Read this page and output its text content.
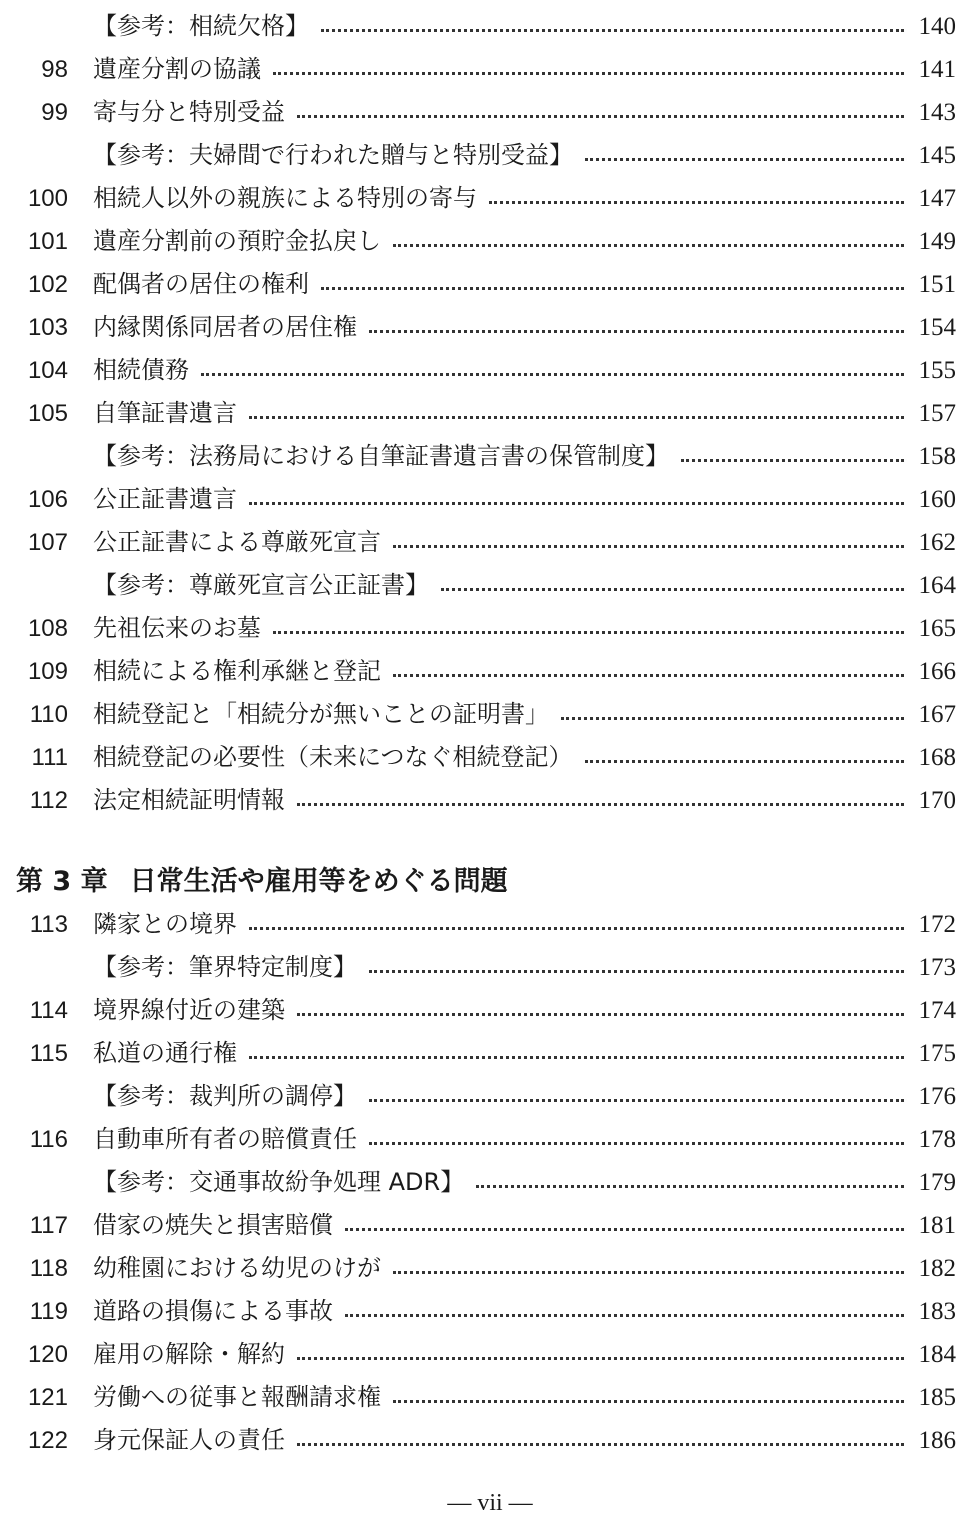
【参考：相続欠格】	140
98 遺産分割の協議	141
99 寄与分と特別受益	143
【参考：夫婦間で行われた贈与と特別受益】	145
100 相続人以外の親族による特別の寄与	147
101 遺産分割前の預貯金払戻し	149
102 配偶者の居住の権利	151
103 内縁関係同居者の居住権	154
104 相続債務	155
105 自筆証書遺言	157
【参考：法務局における自筆証書遺言書の保管制度】	158
106 公正証書遺言	160
107 公正証書による尊厳死宣言	162
【参考：尊厳死宣言公正証書】	164
108 先祖伝来のお墓	165
109 相続による権利承継と登記	166
110 相続登記と「相続分が無いことの証明書」	167
111 相続登記の必要性（未来につなぐ相続登記）	168
112 法定相続証明情報	170
第 3 章 日常生活や雇用等をめぐる問題
113 隣家との境界	172
【参考：筆界特定制度】	173
114 境界線付近の建築	174
115 私道の通行権	175
【参考：裁判所の調停】	176
116 自動車所有者の賠償責任	178
【参考：交通事故紛争処理 ADR】	179
117 借家の焼失と損害賠償	181
118 幼稚園における幼児のけが	182
119 道路の損傷による事故	183
120 雇用の解除・解約	184
121 労働への従事と報酬請求権	185
122 身元保証人の責任	186
— vii —
